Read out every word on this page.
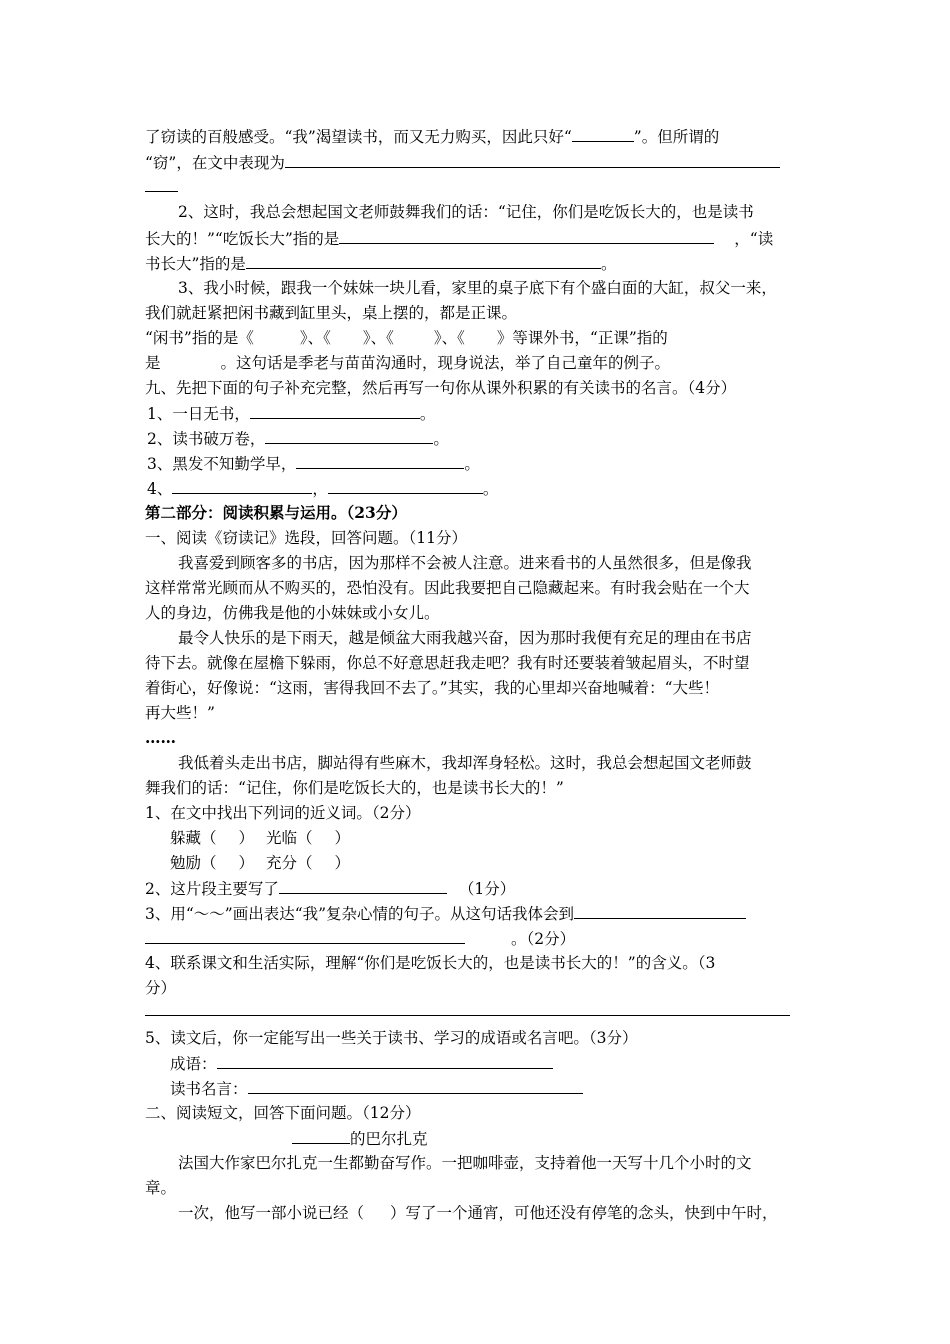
了窃读的百般感受。“我”渴望读书，而又无力购买，因此只好“	”。但所谓的
“窃”，在文中表现为
2、这时，我总会想起国文老师鼓舞我们的话：“记住，你们是吃饭长大的，也是读书
长大的！”“吃饭长大”指的是	，“读
书长大”指的是	。
3、我小时候，跟我一个妹妹一块儿看，家里的桌子底下有个盛白面的大缸，叔父一来，
我们就赶紧把闲书藏到缸里头，桌上摆的，都是正课。
“闲书”指的是《	》、《 》、《	》、《 》等课外书，“正课”指的
是	。这句话是季老与苗苗沟通时，现身说法，举了自己童年的例子。
九、先把下面的句子补充完整，然后再写一句你从课外积累的有关读书的名言。（4分）
1、一日无书，	。
2、读书破万卷，	。
3、黑发不知勤学早，	。
4、	，	。
第二部分：阅读积累与运用。（23分）
一、阅读《窃读记》选段，回答问题。（11分）
我喜爱到顾客多的书店，因为那样不会被人注意。进来看书的人虽然很多，但是像我
这样常常光顾而从不购买的，恐怕没有。因此我要把自己隐藏起来。有时我会贴在一个大
人的身边，仿佛我是他的小妹妹或小女儿。
最令人快乐的是下雨天，越是倾盆大雨我越兴奋，因为那时我便有充足的理由在书店
待下去。就像在屋檐下躲雨，你总不好意思赶我走吧？我有时还要装着皱起眉头，不时望
着街心，好像说：“这雨，害得我回不去了。”其实，我的心里却兴奋地喊着：“大些！
再大些！”
……
我低着头走出书店，脚站得有些麻木，我却浑身轻松。这时，我总会想起国文老师鼓
舞我们的话：“记住，你们是吃饭长大的，也是读书长大的！”
1、在文中找出下列词的近义词。（2分）
躲藏（ ） 光临（ ）
勉励（ ） 充分（ ）
2、这片段主要写了	（1分）
3、用“～～”画出表达“我”复杂心情的句子。从这句话我体会到
。（2分）
4、联系课文和生活实际，理解“你们是吃饭长大的，也是读书长大的！”的含义。（3
分）
5、读文后，你一定能写出一些关于读书、学习的成语或名言吧。（3分）
成语：
读书名言：
二、阅读短文，回答下面问题。（12分）
的巴尔扎克
法国大作家巴尔扎克一生都勤奋写作。一把咖啡壶，支持着他一天写十几个小时的文
章。
一次，他写一部小说已经（ ）写了一个通宵，可他还没有停笔的念头，快到中午时，
